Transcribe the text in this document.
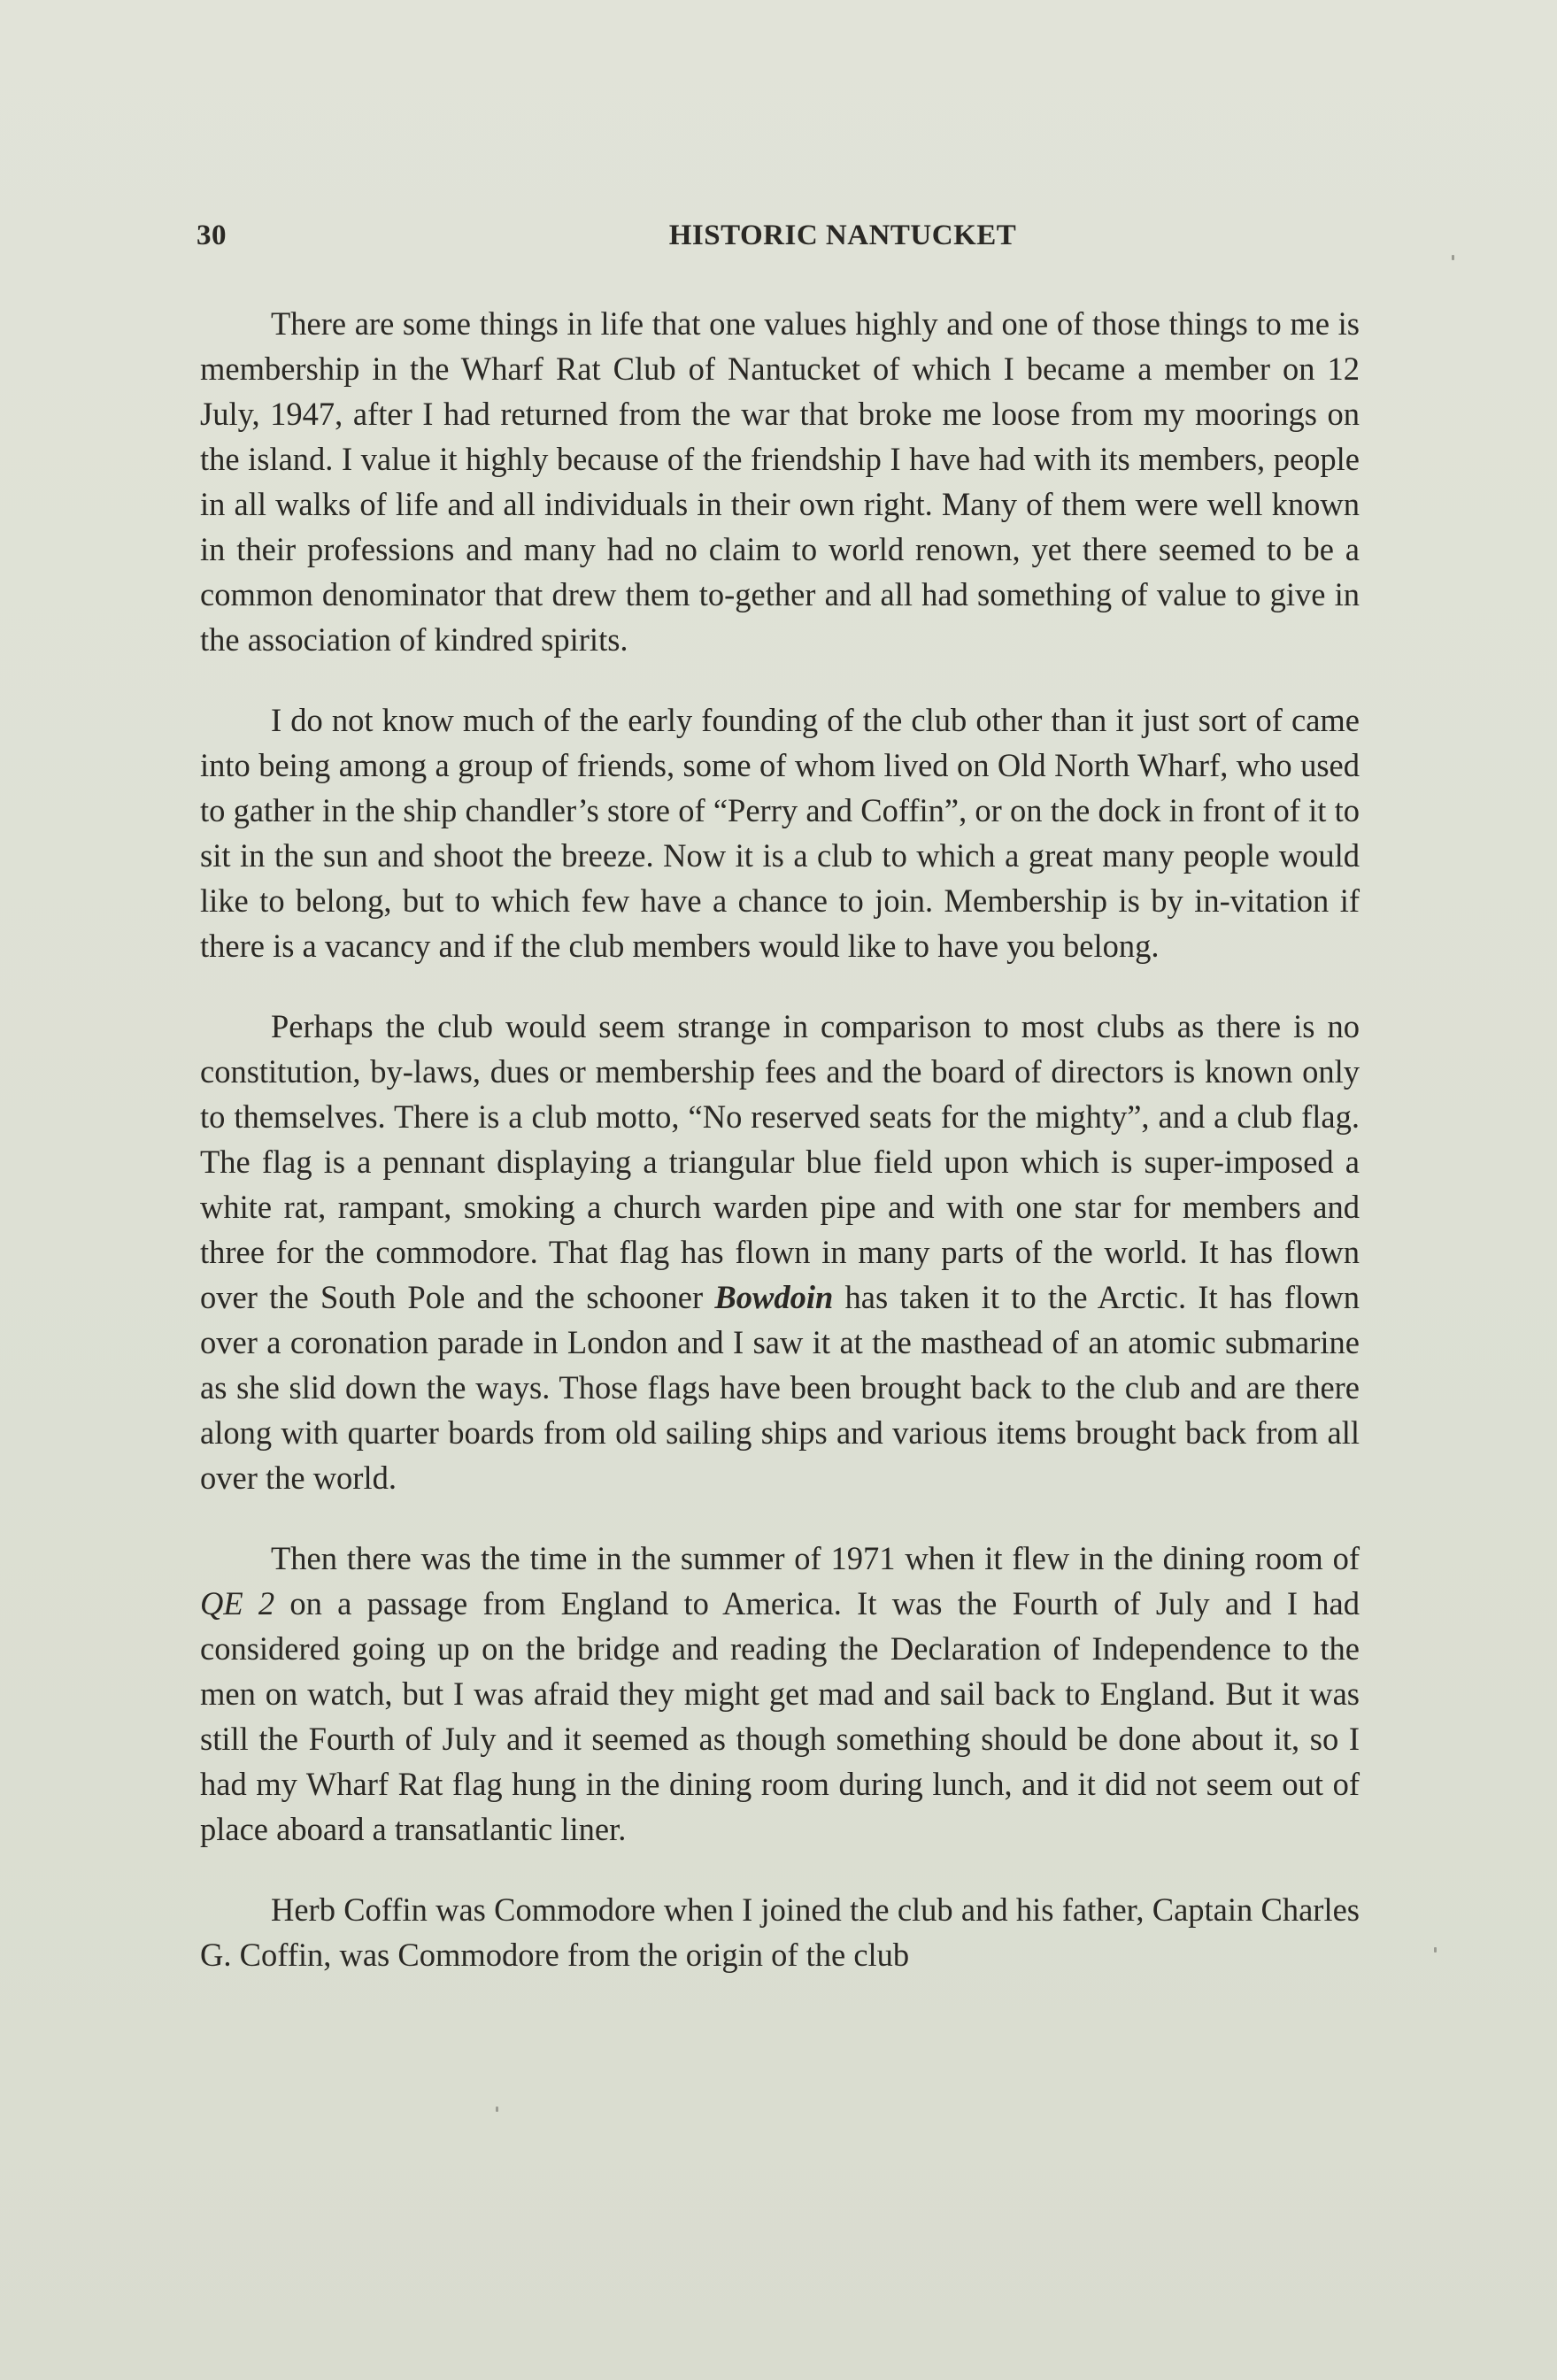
30	HISTORIC NANTUCKET

There are some things in life that one values highly and one of those things to me is membership in the Wharf Rat Club of Nantucket of which I became a member on 12 July, 1947, after I had returned from the war that broke me loose from my moorings on the island. I value it highly because of the friendship I have had with its members, people in all walks of life and all individuals in their own right. Many of them were well known in their professions and many had no claim to world renown, yet there seemed to be a common denominator that drew them to-gether and all had something of value to give in the association of kindred spirits.

I do not know much of the early founding of the club other than it just sort of came into being among a group of friends, some of whom lived on Old North Wharf, who used to gather in the ship chandler’s store of “Perry and Coffin”, or on the dock in front of it to sit in the sun and shoot the breeze. Now it is a club to which a great many people would like to belong, but to which few have a chance to join. Membership is by in-vitation if there is a vacancy and if the club members would like to have you belong.

Perhaps the club would seem strange in comparison to most clubs as there is no constitution, by-laws, dues or membership fees and the board of directors is known only to themselves. There is a club motto, “No reserved seats for the mighty”, and a club flag. The flag is a pennant displaying a triangular blue field upon which is super-imposed a white rat, rampant, smoking a church warden pipe and with one star for members and three for the commodore. That flag has flown in many parts of the world. It has flown over the South Pole and the schooner Bowdoin has taken it to the Arctic. It has flown over a coronation parade in London and I saw it at the masthead of an atomic submarine as she slid down the ways. Those flags have been brought back to the club and are there along with quarter boards from old sailing ships and various items brought back from all over the world.

Then there was the time in the summer of 1971 when it flew in the dining room of QE 2 on a passage from England to America. It was the Fourth of July and I had considered going up on the bridge and reading the Declaration of Independence to the men on watch, but I was afraid they might get mad and sail back to England. But it was still the Fourth of July and it seemed as though something should be done about it, so I had my Wharf Rat flag hung in the dining room during lunch, and it did not seem out of place aboard a transatlantic liner.

Herb Coffin was Commodore when I joined the club and his father, Captain Charles G. Coffin, was Commodore from the origin of the club
